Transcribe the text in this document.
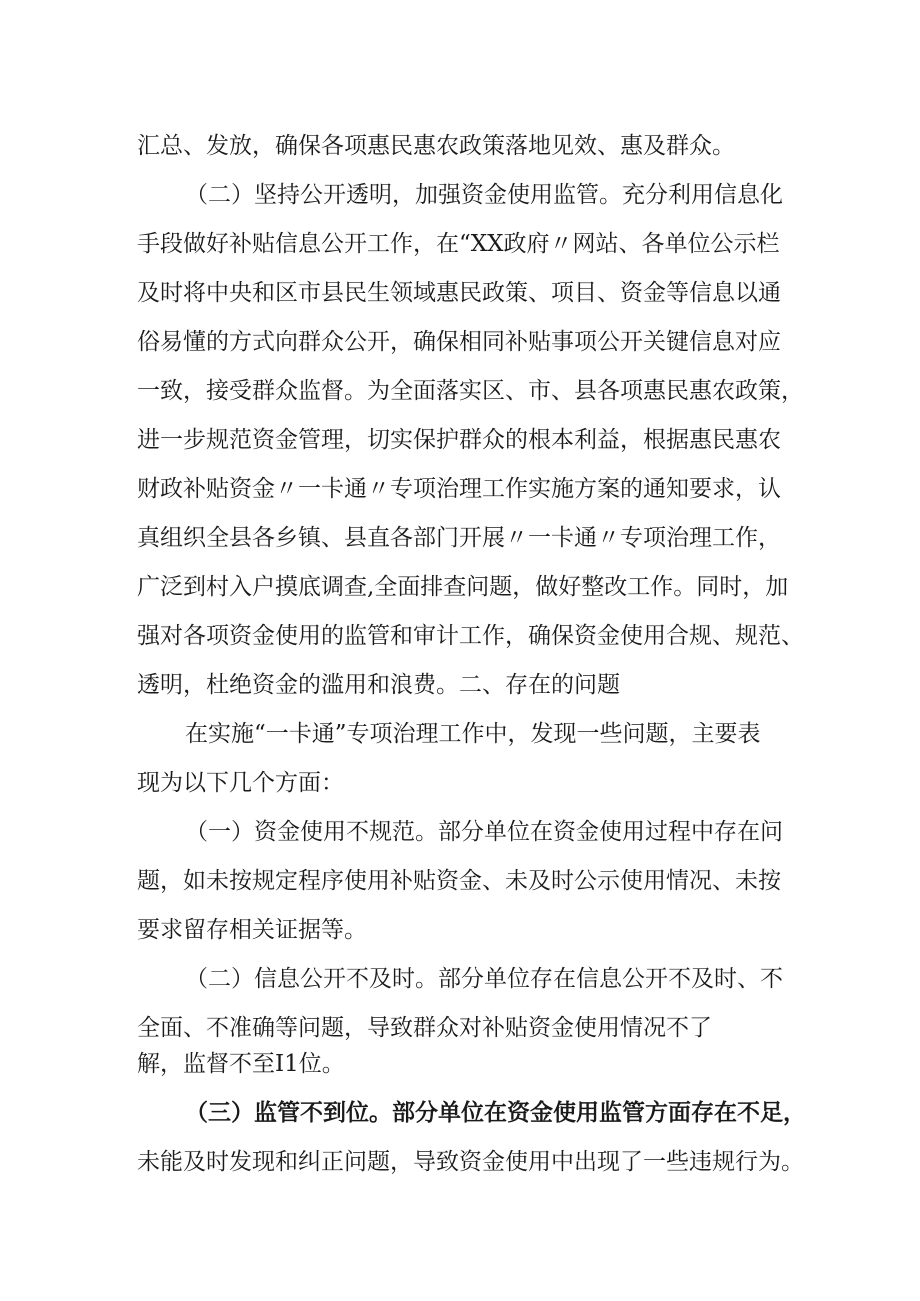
汇总、发放，确保各项惠民惠农政策落地见效、惠及群众。
（二）坚持公开透明，加强资金使用监管。充分利用信息化
手段做好补贴信息公开工作，在“XX政府〃网站、各单位公示栏
及时将中央和区市县民生领域惠民政策、项目、资金等信息以通
俗易懂的方式向群众公开，确保相同补贴事项公开关键信息对应
一致，接受群众监督。为全面落实区、市、县各项惠民惠农政策，
进一步规范资金管理，切实保护群众的根本利益，根据惠民惠农
财政补贴资金〃一卡通〃专项治理工作实施方案的通知要求，认
真组织全县各乡镇、县直各部门开展〃一卡通〃专项治理工作，
广泛到村入户摸底调查,全面排查问题，做好整改工作。同时，加
强对各项资金使用的监管和审计工作，确保资金使用合规、规范、
透明，杜绝资金的滥用和浪费。二、存在的问题
在实施“一卡通”专项治理工作中，发现一些问题，主要表
现为以下几个方面：
（一）资金使用不规范。部分单位在资金使用过程中存在问
题，如未按规定程序使用补贴资金、未及时公示使用情况、未按
要求留存相关证据等。
（二）信息公开不及时。部分单位存在信息公开不及时、不
全面、不准确等问题，导致群众对补贴资金使用情况不了
解，监督不至I1位。
（三）监管不到位。部分单位在资金使用监管方面存在不足，
未能及时发现和纠正问题，导致资金使用中出现了一些违规行为。
